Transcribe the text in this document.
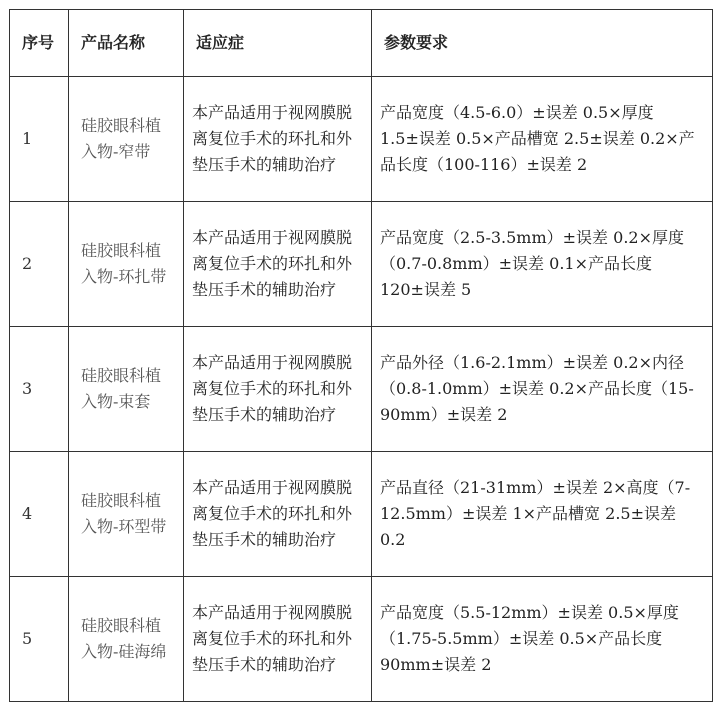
序号	产品名称	适应症	参数要求
1	硅胶眼科植入物-窄带	本产品适用于视网膜脱离复位手术的环扎和外垫压手术的辅助治疗	产品宽度（4.5-6.0）±误差 0.5×厚度 1.5±误差 0.5×产品槽宽 2.5±误差 0.2×产品长度（100-116）±误差 2
2	硅胶眼科植入物-环扎带	本产品适用于视网膜脱离复位手术的环扎和外垫压手术的辅助治疗	产品宽度（2.5-3.5mm）±误差 0.2×厚度（0.7-0.8mm）±误差 0.1×产品长度 120±误差 5
3	硅胶眼科植入物-束套	本产品适用于视网膜脱离复位手术的环扎和外垫压手术的辅助治疗	产品外径（1.6-2.1mm）±误差 0.2×内径（0.8-1.0mm）±误差 0.2×产品长度（15-90mm）±误差 2
4	硅胶眼科植入物-环型带	本产品适用于视网膜脱离复位手术的环扎和外垫压手术的辅助治疗	产品直径（21-31mm）±误差 2×高度（7-12.5mm）±误差 1×产品槽宽 2.5±误差 0.2
5	硅胶眼科植入物-硅海绵	本产品适用于视网膜脱离复位手术的环扎和外垫压手术的辅助治疗	产品宽度（5.5-12mm）±误差 0.5×厚度（1.75-5.5mm）±误差 0.5×产品长度 90mm±误差 2
